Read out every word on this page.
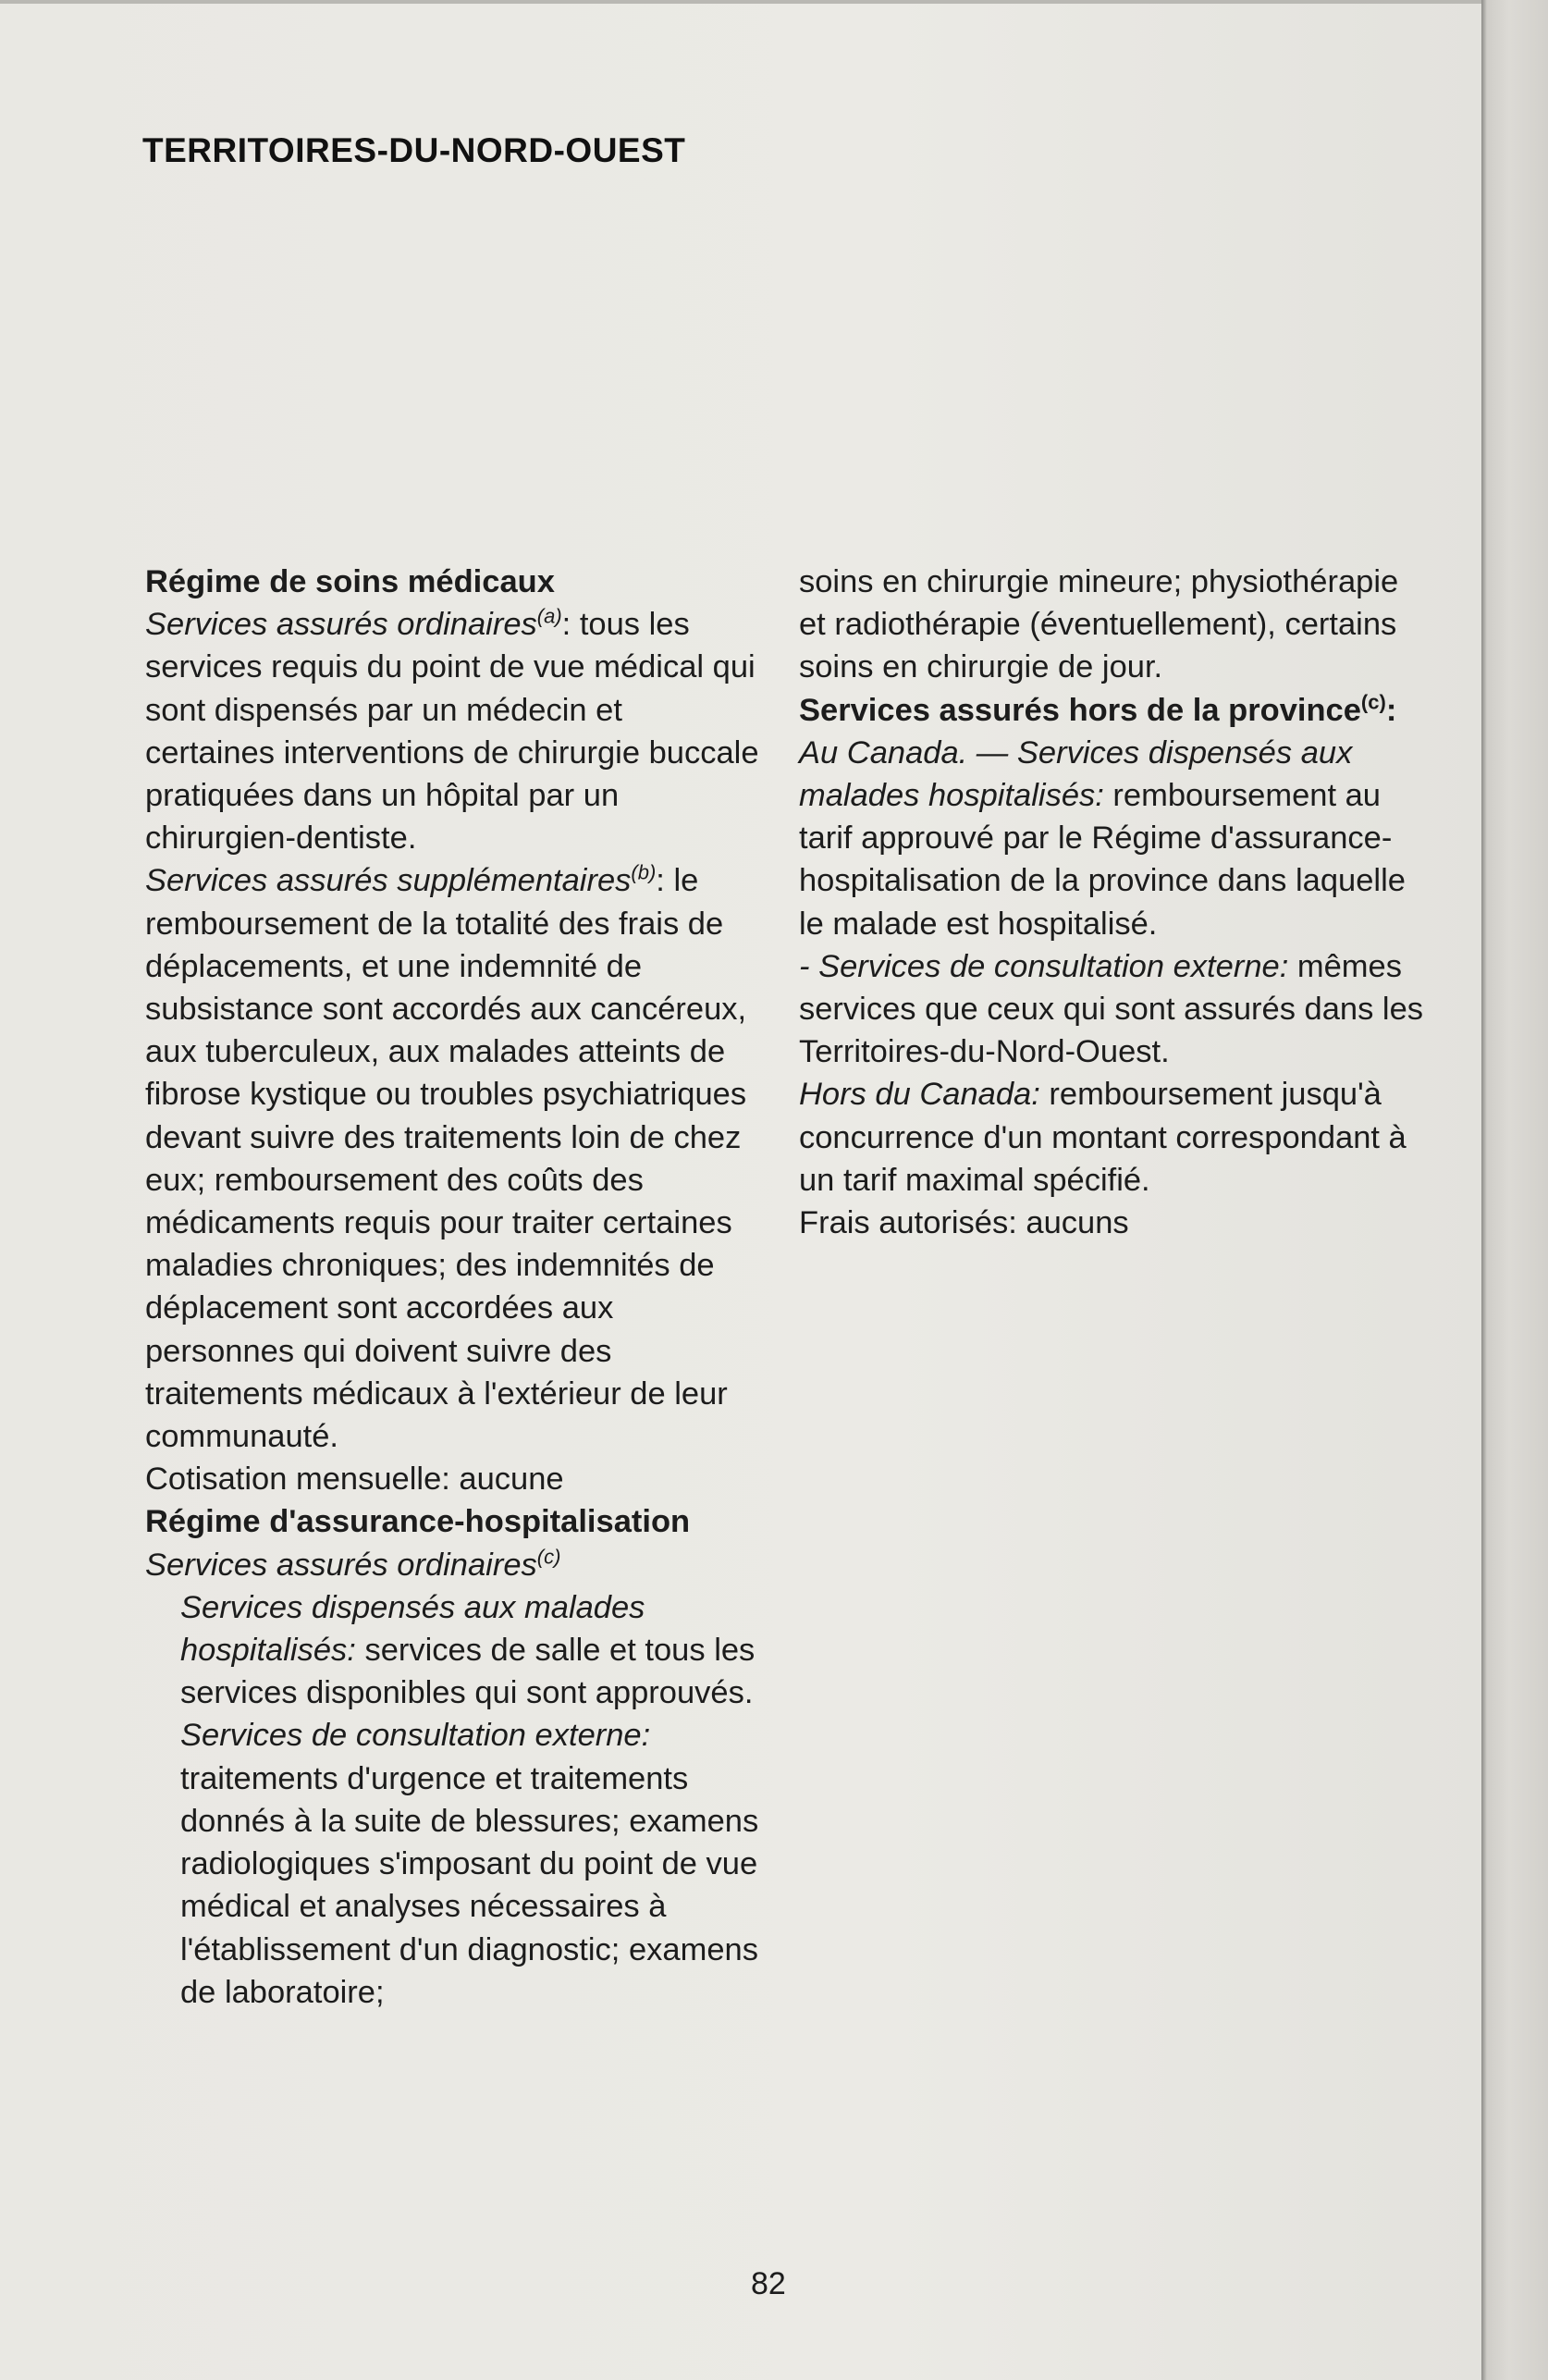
TERRITOIRES-DU-NORD-OUEST

Régime de soins médicaux

Services assurés ordinaires$^{(a)}$: tous les services requis du point de vue médical qui sont dispensés par un médecin et certaines interventions de chirurgie buccale pratiquées dans un hôpital par un chirurgien-dentiste.

Services assurés supplémentaires$^{(b)}$: le remboursement de la totalité des frais de déplacements, et une indemnité de subsistance sont accordés aux cancéreux, aux tuberculeux, aux malades atteints de fibrose kystique ou troubles psychiatriques devant suivre des traitements loin de chez eux; remboursement des coûts des médicaments requis pour traiter certaines maladies chroniques; des indemnités de déplacement sont accordées aux personnes qui doivent suivre des traitements médicaux à l'extérieur de leur communauté.

Cotisation mensuelle: aucune

Régime d'assurance-hospitalisation

Services assurés ordinaires$^{(c)}$

Services dispensés aux malades hospitalisés: services de salle et tous les services disponibles qui sont approuvés.

Services de consultation externe: traitements d'urgence et traitements donnés à la suite de blessures; examens radiologiques s'imposant du point de vue médical et analyses nécessaires à l'établissement d'un diagnostic; examens de laboratoire;

soins en chirurgie mineure; physiothérapie et radiothérapie (éventuellement), certains soins en chirurgie de jour.

Services assurés hors de la province$^{(c)}$:

Au Canada. — Services dispensés aux malades hospitalisés: remboursement au tarif approuvé par le Régime d'assurance-hospitalisation de la province dans laquelle le malade est hospitalisé.

- Services de consultation externe: mêmes services que ceux qui sont assurés dans les Territoires-du-Nord-Ouest.

Hors du Canada: remboursement jusqu'à concurrence d'un montant correspondant à un tarif maximal spécifié.

Frais autorisés: aucuns

82
